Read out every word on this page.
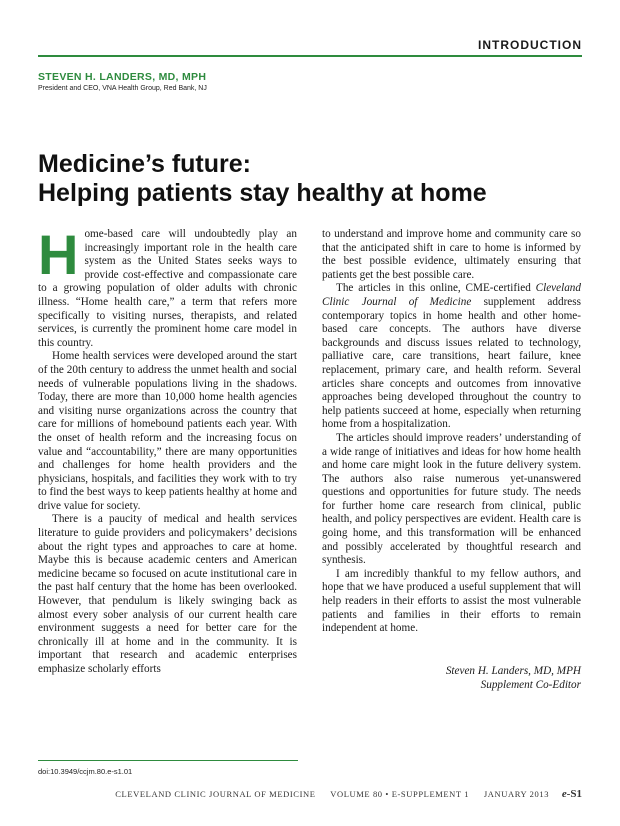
INTRODUCTION
STEVEN H. LANDERS, MD, MPH
President and CEO, VNA Health Group, Red Bank, NJ
Medicine’s future:
Helping patients stay healthy at home

Home-based care will undoubtedly play an increasingly important role in the health care system as the United States seeks ways to provide cost-effective and compassionate care to a growing population of older adults with chronic illness. “Home health care,” a term that refers more specifically to visiting nurses, therapists, and related services, is currently the prominent home care model in this country.

Home health services were developed around the start of the 20th century to address the unmet health and social needs of vulnerable populations living in the shadows. Today, there are more than 10,000 home health agencies and visiting nurse organizations across the country that care for millions of homebound patients each year. With the onset of health reform and the increasing focus on value and “accountability,” there are many opportunities and challenges for home health providers and the physicians, hospitals, and facilities they work with to try to find the best ways to keep patients healthy at home and drive value for society.

There is a paucity of medical and health services literature to guide providers and policymakers’ decisions about the right types and approaches to care at home. Maybe this is because academic centers and American medicine became so focused on acute institutional care in the past half century that the home has been overlooked. However, that pendulum is likely swinging back as almost every sober analysis of our current health care environment suggests a need for better care for the chronically ill at home and in the community. It is important that research and academic enterprises emphasize scholarly efforts

to understand and improve home and community care so that the anticipated shift in care to home is informed by the best possible evidence, ultimately ensuring that patients get the best possible care.

The articles in this online, CME-certified Cleveland Clinic Journal of Medicine supplement address contemporary topics in home health and other home-based care concepts. The authors have diverse backgrounds and discuss issues related to technology, palliative care, care transitions, heart failure, knee replacement, primary care, and health reform. Several articles share concepts and outcomes from innovative approaches being developed throughout the country to help patients succeed at home, especially when returning home from a hospitalization.

The articles should improve readers’ understanding of a wide range of initiatives and ideas for how home health and home care might look in the future delivery system. The authors also raise numerous yet-unanswered questions and opportunities for future study. The needs for further home care research from clinical, public health, and policy perspectives are evident. Health care is going home, and this transformation will be enhanced and possibly accelerated by thoughtful research and synthesis.

I am incredibly thankful to my fellow authors, and hope that we have produced a useful supplement that will help readers in their efforts to assist the most vulnerable patients and families in their efforts to remain independent at home.

Steven H. Landers, MD, MPH
Supplement Co-Editor
doi:10.3949/ccjm.80.e-s1.01
CLEVELAND CLINIC JOURNAL OF MEDICINE VOLUME 80 • E-SUPPLEMENT 1 JANUARY 2013 e-S1
